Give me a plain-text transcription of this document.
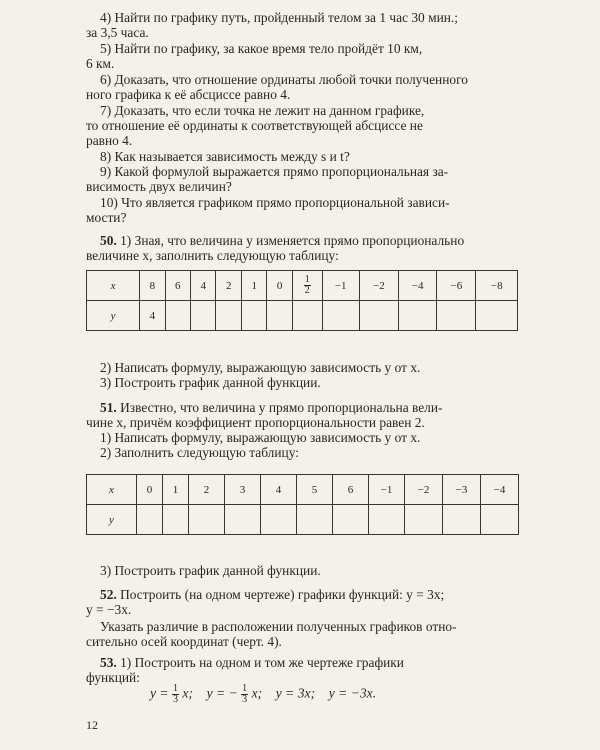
4) Найти по графику путь, пройденный телом за 1 час 30 мин.;
за 3,5 часа.
5) Найти по графику, за какое время тело пройдёт 10 км,
6 км.
6) Доказать, что отношение ординаты любой точки полученного
ного графика к её абсциссе равно 4.
7) Доказать, что если точка не лежит на данном графике,
то отношение её ординаты к соответствующей абсциссе не
равно 4.
8) Как называется зависимость между s и t?
9) Какой формулой выражается прямо пропорциональная за-
висимость двух величин?
10) Что является графиком прямо пропорциональной зависи-
мости?
50. 1) Зная, что величина y изменяется прямо пропорционально
величине x, заполнить следующую таблицу:
x	8	6	4	2	1	0	$\frac{1}{2}$	−1	−2	−4	−6	−8
y	4											
2) Написать формулу, выражающую зависимость y от x.
3) Построить график данной функции.
51. Известно, что величина y прямо пропорциональна вели-
чине x, причём коэффициент пропорциональности равен 2.
1) Написать формулу, выражающую зависимость y от x.
2) Заполнить следующую таблицу:
x	0	1	2	3	4	5	6	−1	−2	−3	−4
y											
3) Построить график данной функции.
52. Построить (на одном чертеже) графики функций: y = 3x;
y = −3x.
Указать различие в расположении полученных графиков отно-
сительно осей координат (черт. 4).
53. 1) Построить на одном и том же чертеже графики
функций:
$y = \frac{1}{3} x$; y = − $\frac{1}{3} x$; y = 3x; y = −3x.
12
